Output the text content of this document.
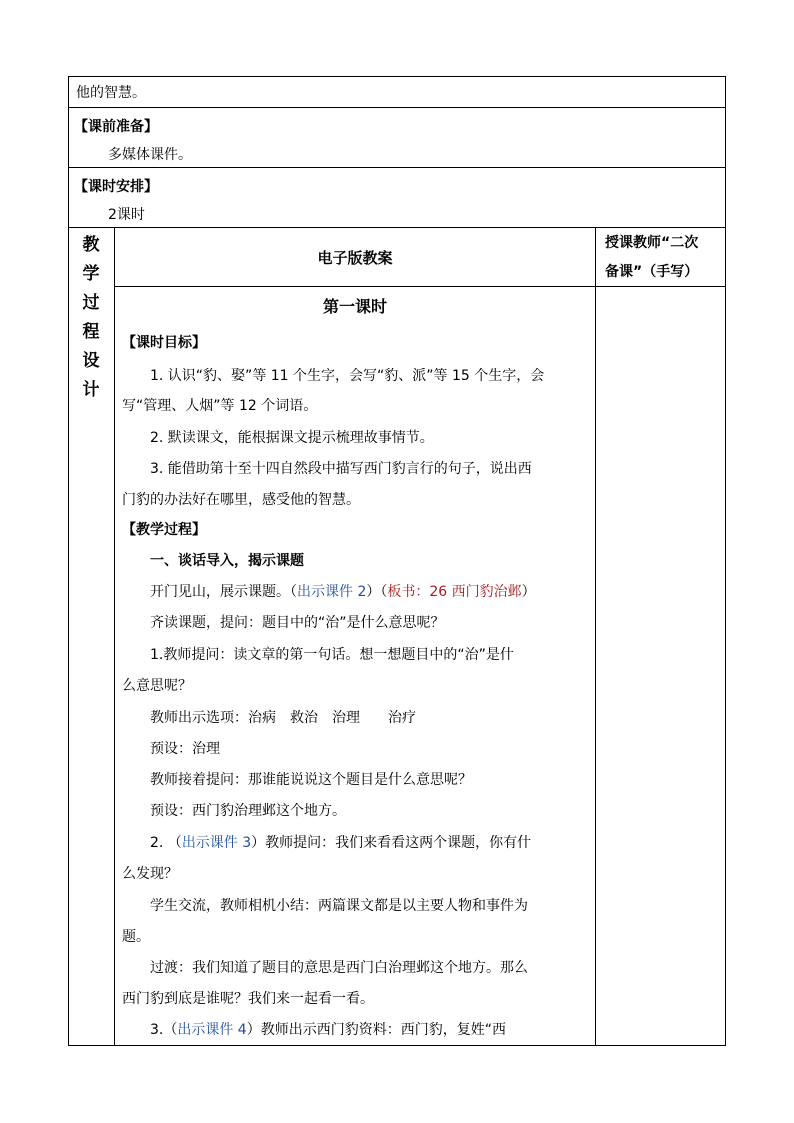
他的智慧。
【课前准备】
多媒体课件。
【课时安排】
2课时
教
学
过
程
设
计
电子版教案
授课教师“二次
备课”（手写）
第一课时
【课时目标】
1. 认识“豹、娶”等 11 个生字，会写“豹、派”等 15 个生字，会
写“管理、人烟”等 12 个词语。
2. 默读课文，能根据课文提示梳理故事情节。
3. 能借助第十至十四自然段中描写西门豹言行的句子，说出西
门豹的办法好在哪里，感受他的智慧。
【教学过程】
一、谈话导入，揭示课题
开门见山，展示课题。（出示课件 2）（板书：26 西门豹治邺）
齐读课题，提问：题目中的“治”是什么意思呢？
1.教师提问：读文章的第一句话。想一想题目中的“治”是什
么意思呢？
教师出示选项：治病　救治　治理　　治疗
预设：治理
教师接着提问：那谁能说说这个题目是什么意思呢？
预设：西门豹治理邺这个地方。
2. （出示课件 3）教师提问：我们来看看这两个课题，你有什
么发现？
学生交流，教师相机小结：两篇课文都是以主要人物和事件为
题。
过渡：我们知道了题目的意思是西门白治理邺这个地方。那么
西门豹到底是谁呢？我们来一起看一看。
3.（出示课件 4）教师出示西门豹资料：西门豹，复姓“西
